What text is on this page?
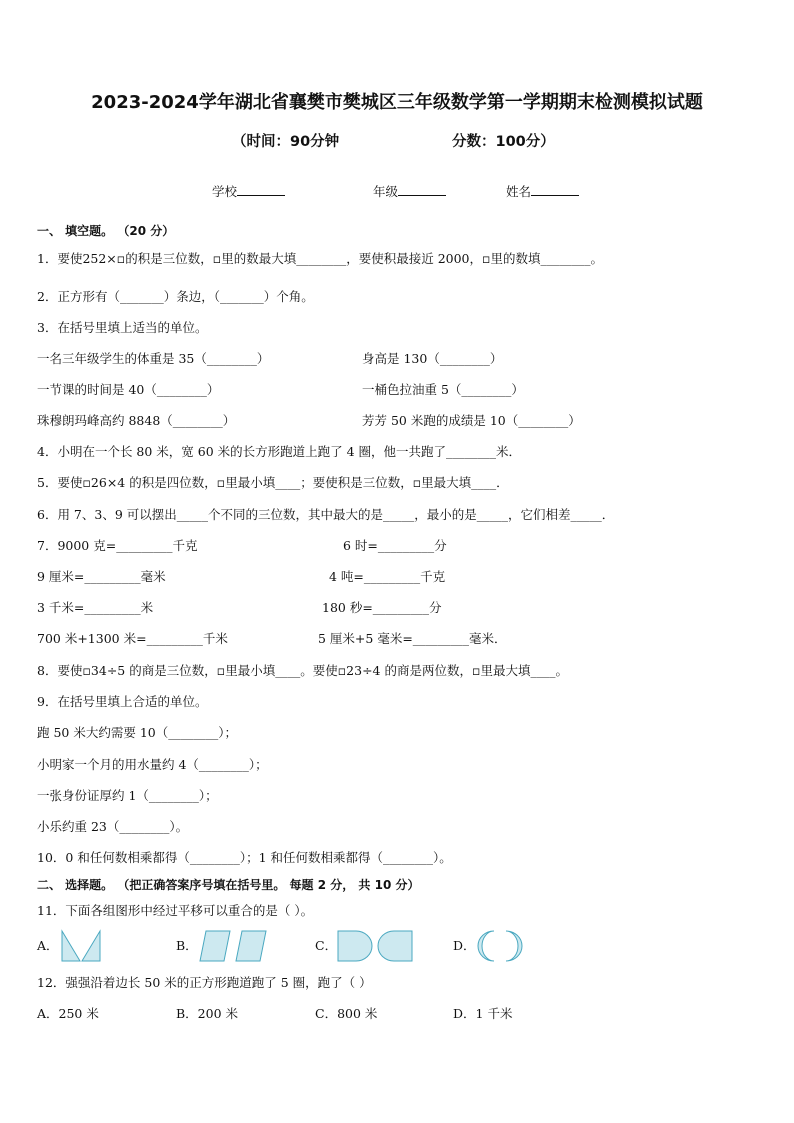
2023-2024学年湖北省襄樊市樊城区三年级数学第一学期期末检测模拟试题
（时间：90分钟	分数：100分）
学校	年级	姓名
一、 填空题。 （20 分）
1．要使252×▫的积是三位数，▫里的数最大填________，要使积最接近 2000，▫里的数填________。
2．正方形有（_______）条边，（_______）个角。
3．在括号里填上适当的单位。
一名三年级学生的体重是 35（________）	身高是 130（________）
一节课的时间是 40（________）	一桶色拉油重 5（________）
珠穆朗玛峰高约 8848（________）	芳芳 50 米跑的成绩是 10（________）
4．小明在一个长 80 米，宽 60 米的长方形跑道上跑了 4 圈，他一共跑了________米．
5．要使▫26×4 的积是四位数，▫里最小填____；要使积是三位数，▫里最大填____．
6．用 7、3、9 可以摆出_____个不同的三位数，其中最大的是_____，最小的是_____，它们相差_____．
7．9000 克=_________千克	6 时=_________分
9 厘米=_________毫米	4 吨=_________千克
3 千米=_________米	180 秒=_________分
700 米+1300 米=_________千米	5 厘米+5 毫米=_________毫米．
8．要使▫34÷5 的商是三位数，▫里最小填____。要使▫23÷4 的商是两位数，▫里最大填____。
9．在括号里填上合适的单位。
跑 50 米大约需要 10（________）；
小明家一个月的用水量约 4（________）；
一张身份证厚约 1（________）；
小乐约重 23（________）。
10．0 和任何数相乘都得（________）；1 和任何数相乘都得（________）。
二、 选择题。 （把正确答案序号填在括号里。 每题 2 分， 共 10 分）
11．下面各组图形中经过平移可以重合的是（ ）。
A．	B．	C．	D．
12．强强沿着边长 50 米的正方形跑道跑了 5 圈，跑了（ ）
A．250 米	B．200 米	C．800 米	D．1 千米
